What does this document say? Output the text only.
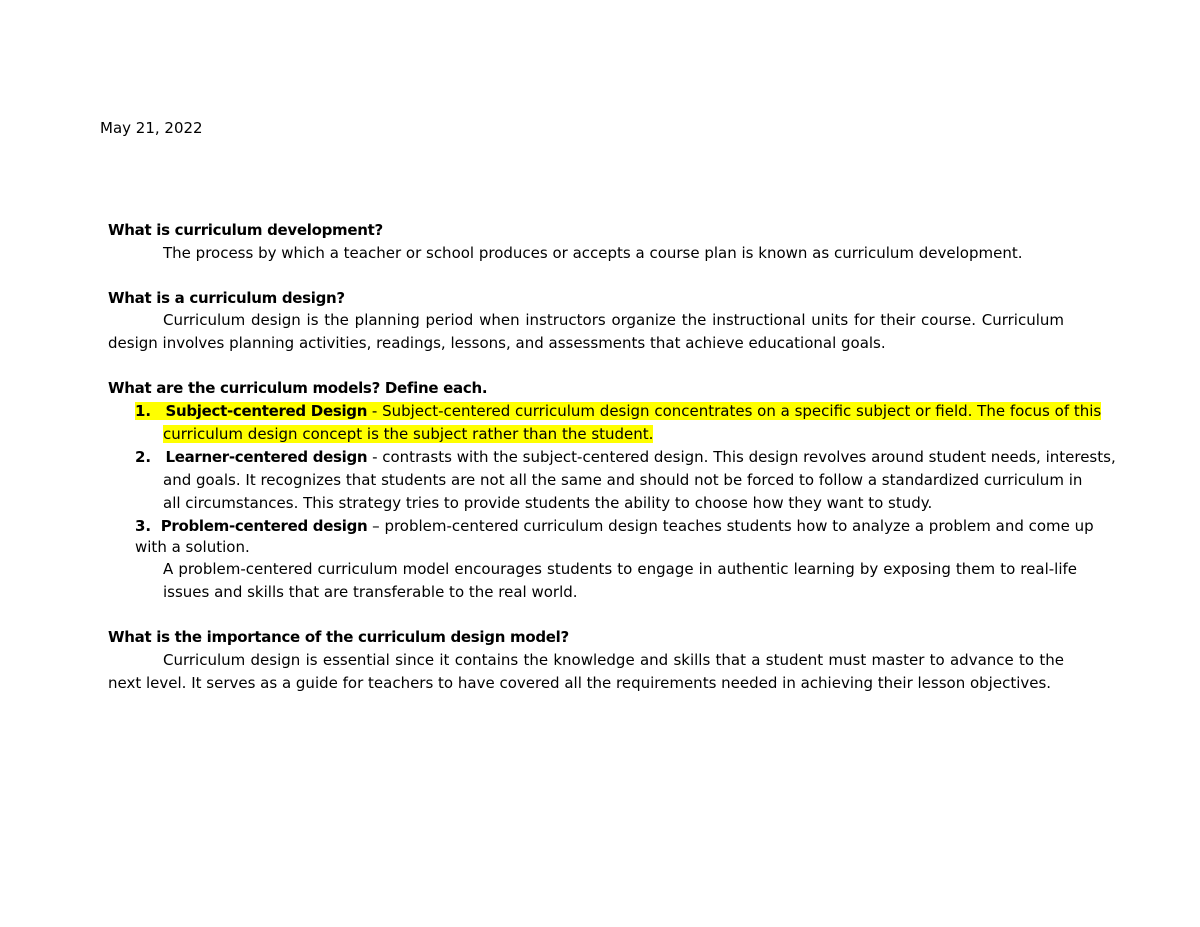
May 21, 2022
What is curriculum development?
The process by which a teacher or school produces or accepts a course plan is known as curriculum development.
What is a curriculum design?
Curriculum design is the planning period when instructors organize the instructional units for their course. Curriculum design involves planning activities, readings, lessons, and assessments that achieve educational goals.
What are the curriculum models? Define each.
1. Subject-centered Design - Subject-centered curriculum design concentrates on a specific subject or field. The focus of this
curriculum design concept is the subject rather than the student.
2. Learner-centered design - contrasts with the subject-centered design. This design revolves around student needs, interests,
and goals. It recognizes that students are not all the same and should not be forced to follow a standardized curriculum in
all circumstances. This strategy tries to provide students the ability to choose how they want to study.
3. Problem-centered design – problem-centered curriculum design teaches students how to analyze a problem and come up
with a solution.
A problem-centered curriculum model encourages students to engage in authentic learning by exposing them to real-life
issues and skills that are transferable to the real world.
What is the importance of the curriculum design model?
Curriculum design is essential since it contains the knowledge and skills that a student must master to advance to the next level. It serves as a guide for teachers to have covered all the requirements needed in achieving their lesson objectives.
